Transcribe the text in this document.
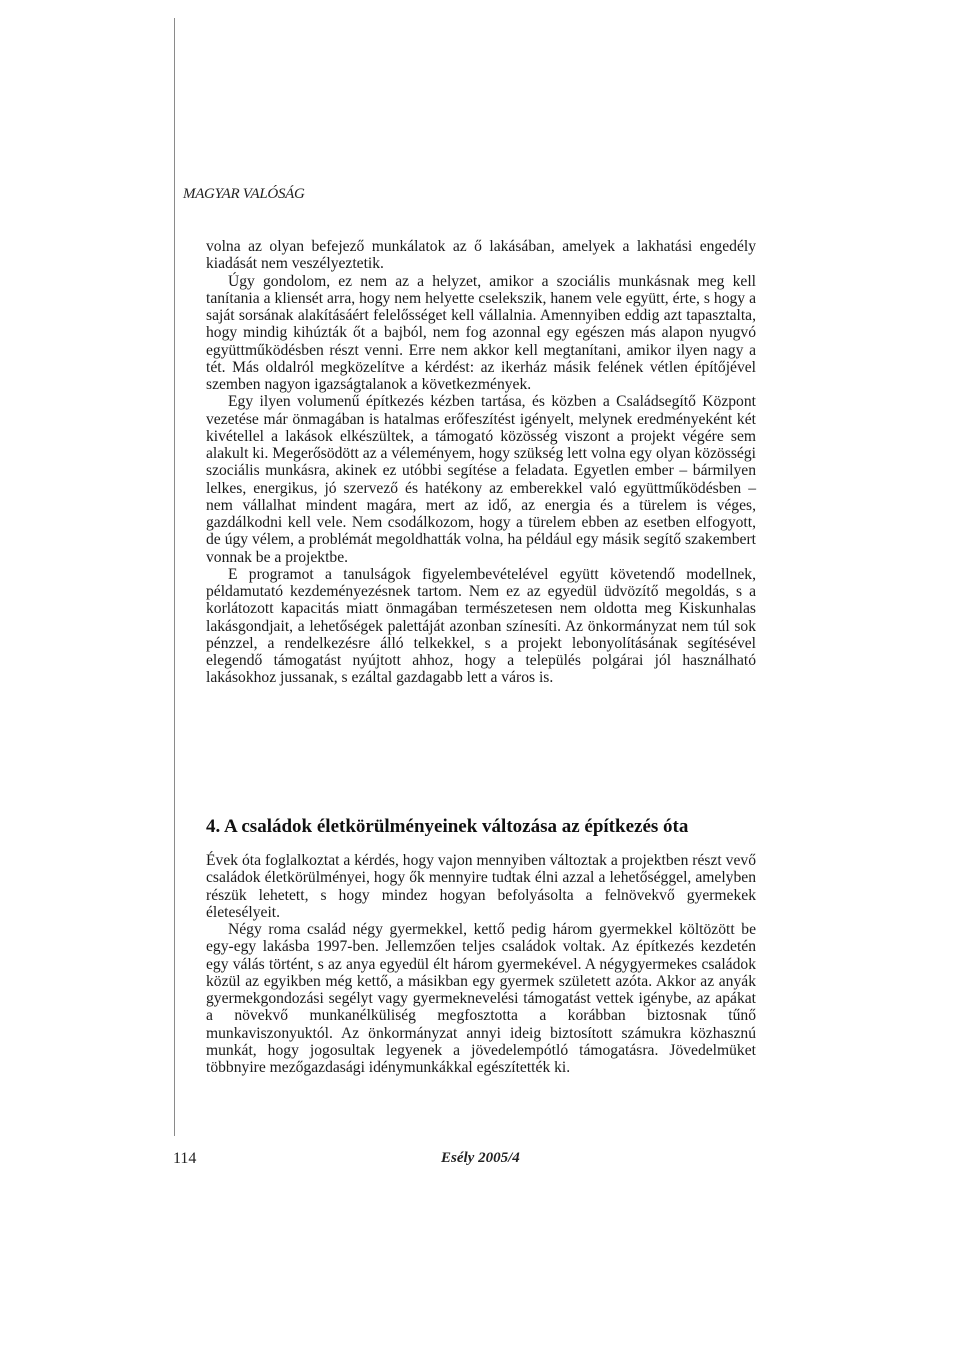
MAGYAR VALÓSÁG

volna az olyan befejező munkálatok az ő lakásában, amelyek a lakhatási engedély kiadását nem veszélyeztetik.

Úgy gondolom, ez nem az a helyzet, amikor a szociális munkásnak meg kell tanítania a kliensét arra, hogy nem helyette cselekszik, hanem vele együtt, érte, s hogy a saját sorsának alakításáért felelősséget kell vállalnia. Amennyiben eddig azt tapasztalta, hogy mindig kihúzták őt a bajból, nem fog azonnal egy egészen más alapon nyugvó együttműködésben részt venni. Erre nem akkor kell megtanítani, amikor ilyen nagy a tét. Más oldalról megközelítve a kérdést: az ikerház másik felének vétlen építőjével szemben nagyon igazságtalanok a következmények.

Egy ilyen volumenű építkezés kézben tartása, és közben a Családsegítő Központ vezetése már önmagában is hatalmas erőfeszítést igényelt, melynek eredményeként két kivétellel a lakások elkészültek, a támogató közösség viszont a projekt végére sem alakult ki. Megerősödött az a véleményem, hogy szükség lett volna egy olyan közösségi szociális munkásra, akinek ez utóbbi segítése a feladata. Egyetlen ember – bármilyen lelkes, energikus, jó szervező és hatékony az emberekkel való együttműködésben – nem vállalhat mindent magára, mert az idő, az energia és a türelem is véges, gazdálkodni kell vele. Nem csodálkozom, hogy a türelem ebben az esetben elfogyott, de úgy vélem, a problémát megoldhatták volna, ha például egy másik segítő szakembert vonnak be a projektbe.

E programot a tanulságok figyelembevételével együtt követendő modellnek, példamutató kezdeményezésnek tartom. Nem ez az egyedül üdvözítő megoldás, s a korlátozott kapacitás miatt önmagában természetesen nem oldotta meg Kiskunhalas lakásgondjait, a lehetőségek palettáját azonban színesíti. Az önkormányzat nem túl sok pénzzel, a rendelkezésre álló telkekkel, s a projekt lebonyolításának segítésével elegendő támogatást nyújtott ahhoz, hogy a település polgárai jól használható lakásokhoz jussanak, s ezáltal gazdagabb lett a város is.

4. A családok életkörülményeinek változása az építkezés óta

Évek óta foglalkoztat a kérdés, hogy vajon mennyiben változtak a projektben részt vevő családok életkörülményei, hogy ők mennyire tudtak élni azzal a lehetőséggel, amelyben részük lehetett, s hogy mindez hogyan befolyásolta a felnövekvő gyermekek életesélyeit.

Négy roma család négy gyermekkel, kettő pedig három gyermekkel költözött be egy-egy lakásba 1997-ben. Jellemzően teljes családok voltak. Az építkezés kezdetén egy válás történt, s az anya egyedül élt három gyermekével. A négygyermekes családok közül az egyikben még kettő, a másikban egy gyermek született azóta. Akkor az anyák gyermekgondozási segélyt vagy gyermeknevelési támogatást vettek igénybe, az apákat a növekvő munkanélküliség megfosztotta a korábban biztosnak tűnő munkaviszonyuktól. Az önkormányzat annyi ideig biztosított számukra közhasznú munkát, hogy jogosultak legyenek a jövedelempótló támogatásra. Jövedelmüket többnyire mezőgazdasági idénymunkákkal egészítették ki.

114	Esély 2005/4
